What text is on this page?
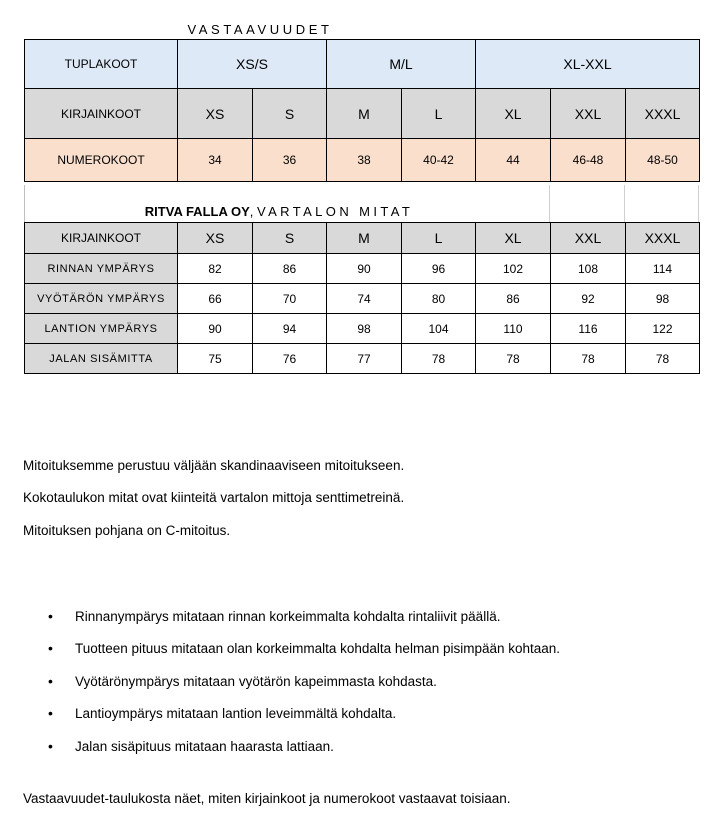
VASTAAVUUDET
TUPLAKOOT	XS/S		M/L		XL-XXL		
KIRJAINKOOT	XS	S	M	L	XL	XXL	XXXL
NUMEROKOOT	34	36	38	40-42	44	46-48	48-50
RITVA FALLA OY, VARTALON MITAT
KIRJAINKOOT	XS	S	M	L	XL	XXL	XXXL
RINNAN YMPÄRYS	82	86	90	96	102	108	114
VYÖTÄRÖN YMPÄRYS	66	70	74	80	86	92	98
LANTION YMPÄRYS	90	94	98	104	110	116	122
JALAN SISÄMITTA	75	76	77	78	78	78	78
Mitoituksemme perustuu väljään skandinaaviseen mitoitukseen.
Kokotaulukon mitat ovat kiinteitä vartalon mittoja senttimetreinä.
Mitoituksen pohjana on C-mitoitus.
• Rinnanympärys mitataan rinnan korkeimmalta kohdalta rintaliivit päällä.
• Tuotteen pituus mitataan olan korkeimmalta kohdalta helman pisimpään kohtaan.
• Vyötärönympärys mitataan vyötärön kapeimmasta kohdasta.
• Lantioympärys mitataan lantion leveimmältä kohdalta.
• Jalan sisäpituus mitataan haarasta lattiaan.
Vastaavuudet-taulukosta näet, miten kirjainkoot ja numerokoot vastaavat toisiaan.
